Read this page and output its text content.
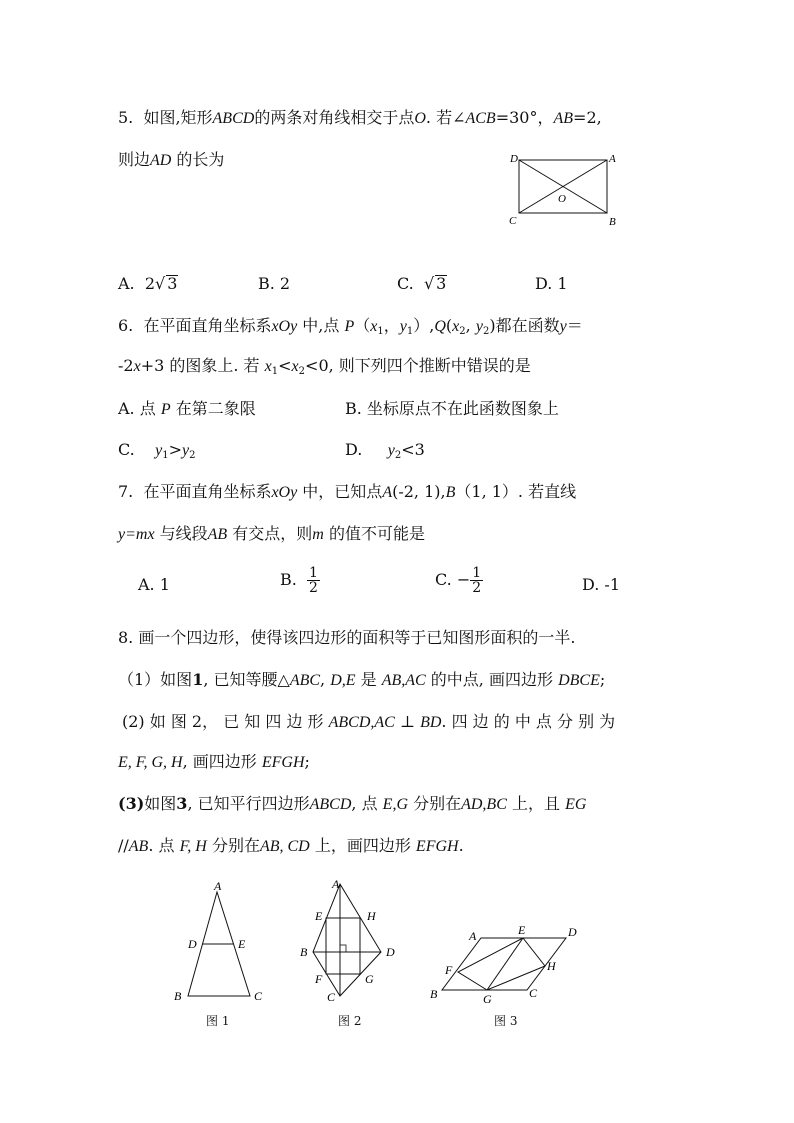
5. 如图,矩形ABCD的两条对角线相交于点O. 若∠ACB=30°，AB=2,
则边AD 的长为	D	A
O
C	B
A. 2√ 3	B. 2	C. √ 3	D. 1
6. 在平面直角坐标系xOy 中,点 $P(x_1$，$y_1),Q(x_2$, $y_2$)都在函数y＝
-2x+3 的图象上. 若 $x_1<x_2<0$, 则下列四个推断中错误的是
A. 点 P 在第二象限	B. 坐标原点不在此函数图象上
C. $y_1>y_2$	D. $y_2<3$
7. 在平面直角坐标系xOy 中，已知点A(-2, 1),B（1, 1）. 若直线
y=mx 与线段AB 有交点，则m 的值不可能是
A. 1	B. $\frac{1}{2}$	C. − $\frac{1}{2}$	D. -1
8. 画一个四边形，使得该四边形的面积等于已知图形面积的一半.
（1）如图1, 已知等腰△ABC, D,E 是 AB,AC 的中点, 画四边形 DBCE;
(2) 如 图 2， 已 知 四 边 形 ABCD,AC ⊥ BD. 四 边 的 中 点 分 别 为
E, F, G, H, 画四边形 EFGH;
(3)如图3, 已知平行四边形ABCD, 点 E,G 分别在AD,BC 上，且 EG
//AB. 点 F, H 分别在AB, CD 上，画四边形 EFGH.
A
D	E
B	C
图 1
A
E	H
B	D
F	G
C
图 2
A	E	D
F	H
B	G	C
图 3
